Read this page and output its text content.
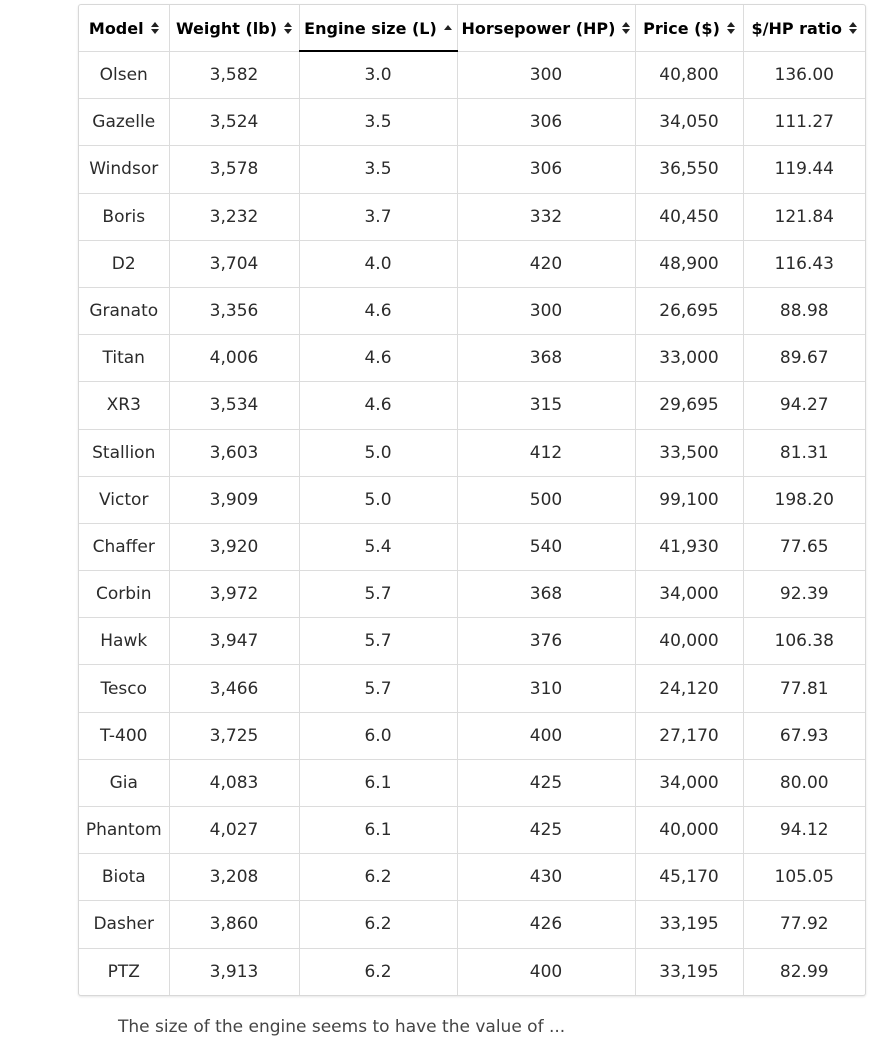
Model	Weight (lb)	Engine size (L)	Horsepower (HP)	Price ($)	$/HP ratio

Olsen	3,582	3.0	300	40,800	136.00
Gazelle	3,524	3.5	306	34,050	111.27
Windsor	3,578	3.5	306	36,550	119.44
Boris	3,232	3.7	332	40,450	121.84
D2	3,704	4.0	420	48,900	116.43
Granato	3,356	4.6	300	26,695	88.98
Titan	4,006	4.6	368	33,000	89.67
XR3	3,534	4.6	315	29,695	94.27
Stallion	3,603	5.0	412	33,500	81.31
Victor	3,909	5.0	500	99,100	198.20
Chaffer	3,920	5.4	540	41,930	77.65
Corbin	3,972	5.7	368	34,000	92.39
Hawk	3,947	5.7	376	40,000	106.38
Tesco	3,466	5.7	310	24,120	77.81
T-400	3,725	6.0	400	27,170	67.93
Gia	4,083	6.1	425	34,000	80.00
Phantom	4,027	6.1	425	40,000	94.12
Biota	3,208	6.2	430	45,170	105.05
Dasher	3,860	6.2	426	33,195	77.92
PTZ	3,913	6.2	400	33,195	82.99
The size of the engine seems to have the value of ...
